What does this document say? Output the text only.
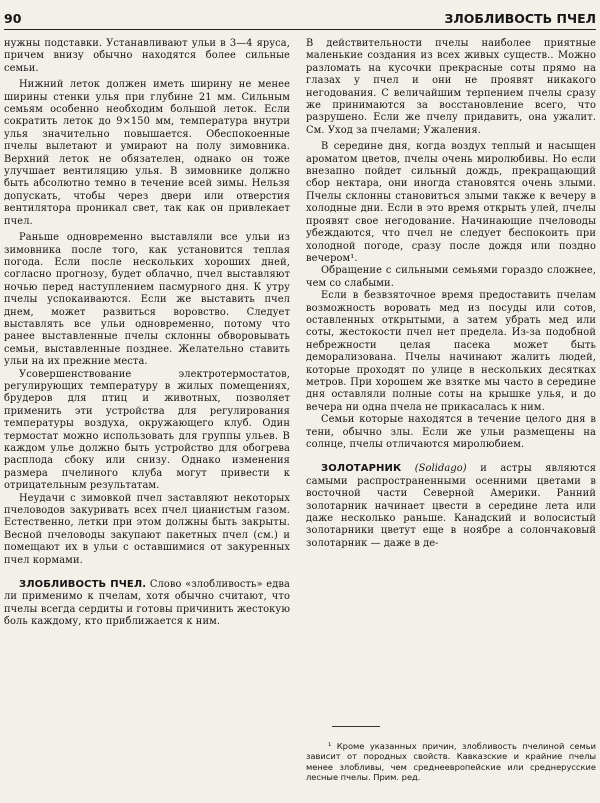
90	ЗЛОБЛИВОСТЬ ПЧЕЛ

нужны подставки. Устанавливают ульи в 3—4 яруса, причем внизу обычно находятся более сильные семьи.

Нижний леток должен иметь ширину не менее ширины стенки улья при глубине 21 мм. Сильным семьям особенно необходим большой леток. Если сократить леток до 9×150 мм, температура внутри улья значительно повышается. Обеспокоенные пчелы вылетают и умирают на полу зимовника. Верхний леток не обязателен, однако он тоже улучшает вентиляцию улья. В зимовнике должно быть абсолютно темно в течение всей зимы. Нельзя допускать, чтобы через двери или отверстия вентилятора проникал свет, так как он привлекает пчел.

Раньше одновременно выставляли все ульи из зимовника после того, как установится теплая погода. Если после нескольких хороших дней, согласно прогнозу, будет облачно, пчел выставляют ночью перед наступлением пасмурного дня. К утру пчелы успокаиваются. Если же выставить пчел днем, может развиться воровство. Следует выставлять все ульи одновременно, потому что ранее выставленные пчелы склонны обворовывать семьи, выставленные позднее. Желательно ставить ульи на их прежние места.

Усовершенствование электротермостатов, регулирующих температуру в жилых помещениях, брудеров для птиц и животных, позволяет применить эти устройства для регулирования температуры воздуха, окружающего клуб. Один термостат можно использовать для группы ульев. В каждом улье должно быть устройство для обогрева расплода сбоку или снизу. Однако изменения размера пчелиного клуба могут привести к отрицательным результатам.

Неудачи с зимовкой пчел заставляют некоторых пчеловодов закуривать всех пчел цианистым газом. Естественно, летки при этом должны быть закрыты. Весной пчеловоды закупают пакетных пчел (см.) и помещают их в ульи с оставшимися от закуренных пчел кормами.

ЗЛОБЛИВОСТЬ ПЧЕЛ. Слово «злобливость» едва ли применимо к пчелам, хотя обычно считают, что пчелы всегда сердиты и готовы причинить жестокую боль каждому, кто приближается к ним.

В действительности пчелы наиболее приятные маленькие создания из всех живых существ.. Можно разломать на кусочки прекрасные соты прямо на глазах у пчел и они не проявят никакого негодования. С величайшим терпением пчелы сразу же принимаются за восстановление всего, что разрушено. Если же пчелу придавить, она ужалит. См. Уход за пчелами; Ужаления.

В середине дня, когда воздух теплый и насыщен ароматом цветов, пчелы очень миролюбивы. Но если внезапно пойдет сильный дождь, прекращающий сбор нектара, они иногда становятся очень злыми. Пчелы склонны становиться злыми также к вечеру в холодные дни. Если в это время открыть улей, пчелы проявят свое негодование. Начинающие пчеловоды убеждаются, что пчел не следует беспокоить при холодной погоде, сразу после дождя или поздно вечером¹.

Обращение с сильными семьями гораздо сложнее, чем со слабыми.

Если в безвзяточное время предоставить пчелам возможность воровать мед из посуды или сотов, оставленных открытыми, а затем убрать мед или соты, жестокости пчел нет предела. Из-за подобной небрежности целая пасека может быть деморализована. Пчелы начинают жалить людей, которые проходят по улице в нескольких десятках метров. При хорошем же взятке мы часто в середине дня оставляли полные соты на крышке улья, и до вечера ни одна пчела не прикасалась к ним.

Семьи которые находятся в течение целого дня в тени, обычно злы. Если же ульи размещены на солнце, пчелы отличаются миролюбием.

ЗОЛОТАРНИК (Solidago) и астры являются самыми распространенными осенними цветами в восточной части Северной Америки. Ранний золотарник начинает цвести в середине лета или даже несколько раньше. Канадский и волосистый золотарники цветут еще в ноябре а солончаковый золотарник — даже в де-

¹ Кроме указанных причин, злобливость пчелиной семьи зависит от породных свойств. Кавказские и крайние пчелы менее злобливы, чем среднеевропейские или среднерусские лесные пчелы. Прим. ред.
